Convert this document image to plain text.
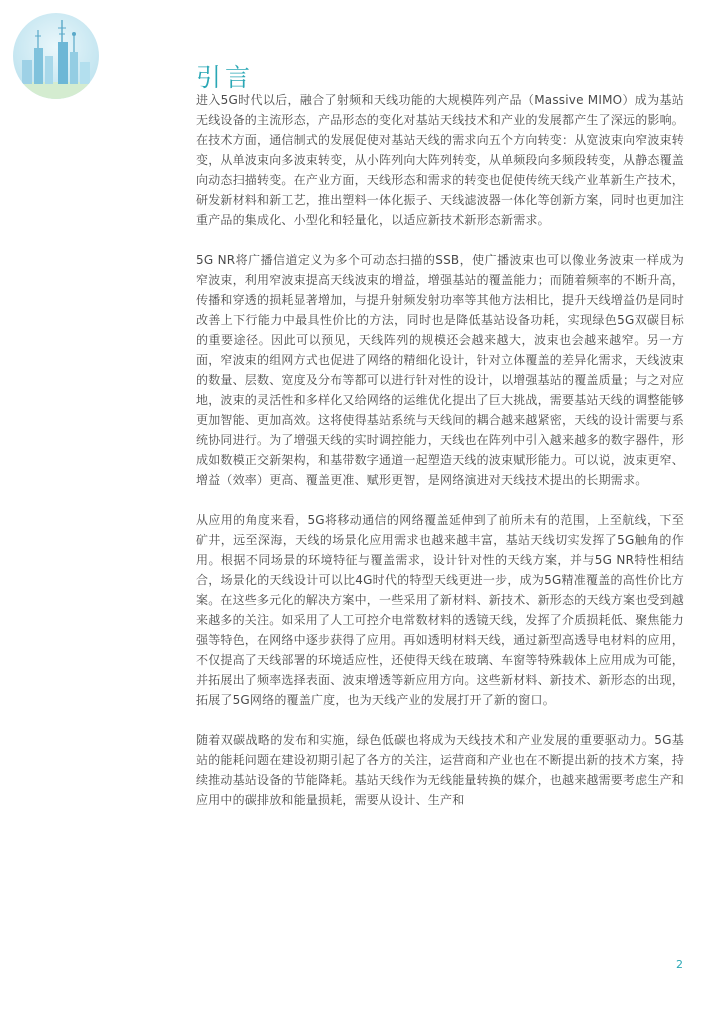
引言

进入5G时代以后，融合了射频和天线功能的大规模阵列产品（Massive MIMO）成为基站无线设备的主流形态，产品形态的变化对基站天线技术和产业的发展都产生了深远的影响。在技术方面，通信制式的发展促使对基站天线的需求向五个方向转变：从宽波束向窄波束转变，从单波束向多波束转变，从小阵列向大阵列转变，从单频段向多频段转变，从静态覆盖向动态扫描转变。在产业方面，天线形态和需求的转变也促使传统天线产业革新生产技术，研发新材料和新工艺，推出塑料一体化振子、天线滤波器一体化等创新方案，同时也更加注重产品的集成化、小型化和轻量化，以适应新技术新形态新需求。

5G NR将广播信道定义为多个可动态扫描的SSB，使广播波束也可以像业务波束一样成为窄波束，利用窄波束提高天线波束的增益，增强基站的覆盖能力；而随着频率的不断升高，传播和穿透的损耗显著增加，与提升射频发射功率等其他方法相比，提升天线增益仍是同时改善上下行能力中最具性价比的方法，同时也是降低基站设备功耗，实现绿色5G双碳目标的重要途径。因此可以预见，天线阵列的规模还会越来越大，波束也会越来越窄。另一方面，窄波束的组网方式也促进了网络的精细化设计，针对立体覆盖的差异化需求，天线波束的数量、层数、宽度及分布等都可以进行针对性的设计，以增强基站的覆盖质量；与之对应地，波束的灵活性和多样化又给网络的运维优化提出了巨大挑战，需要基站天线的调整能够更加智能、更加高效。这将使得基站系统与天线间的耦合越来越紧密，天线的设计需要与系统协同进行。为了增强天线的实时调控能力，天线也在阵列中引入越来越多的数字器件，形成如数模正交新架构，和基带数字通道一起塑造天线的波束赋形能力。可以说，波束更窄、增益（效率）更高、覆盖更准、赋形更智，是网络演进对天线技术提出的长期需求。

从应用的角度来看，5G将移动通信的网络覆盖延伸到了前所未有的范围，上至航线，下至矿井，远至深海，天线的场景化应用需求也越来越丰富，基站天线切实发挥了5G触角的作用。根据不同场景的环境特征与覆盖需求，设计针对性的天线方案，并与5G NR特性相结合，场景化的天线设计可以比4G时代的特型天线更进一步，成为5G精准覆盖的高性价比方案。在这些多元化的解决方案中，一些采用了新材料、新技术、新形态的天线方案也受到越来越多的关注。如采用了人工可控介电常数材料的透镜天线，发挥了介质损耗低、聚焦能力强等特色，在网络中逐步获得了应用。再如透明材料天线，通过新型高透导电材料的应用，不仅提高了天线部署的环境适应性，还使得天线在玻璃、车窗等特殊载体上应用成为可能，并拓展出了频率选择表面、波束增透等新应用方向。这些新材料、新技术、新形态的出现，拓展了5G网络的覆盖广度，也为天线产业的发展打开了新的窗口。

随着双碳战略的发布和实施，绿色低碳也将成为天线技术和产业发展的重要驱动力。5G基站的能耗问题在建设初期引起了各方的关注，运营商和产业也在不断提出新的技术方案，持续推动基站设备的节能降耗。基站天线作为无线能量转换的媒介，也越来越需要考虑生产和应用中的碳排放和能量损耗，需要从设计、生产和

2
